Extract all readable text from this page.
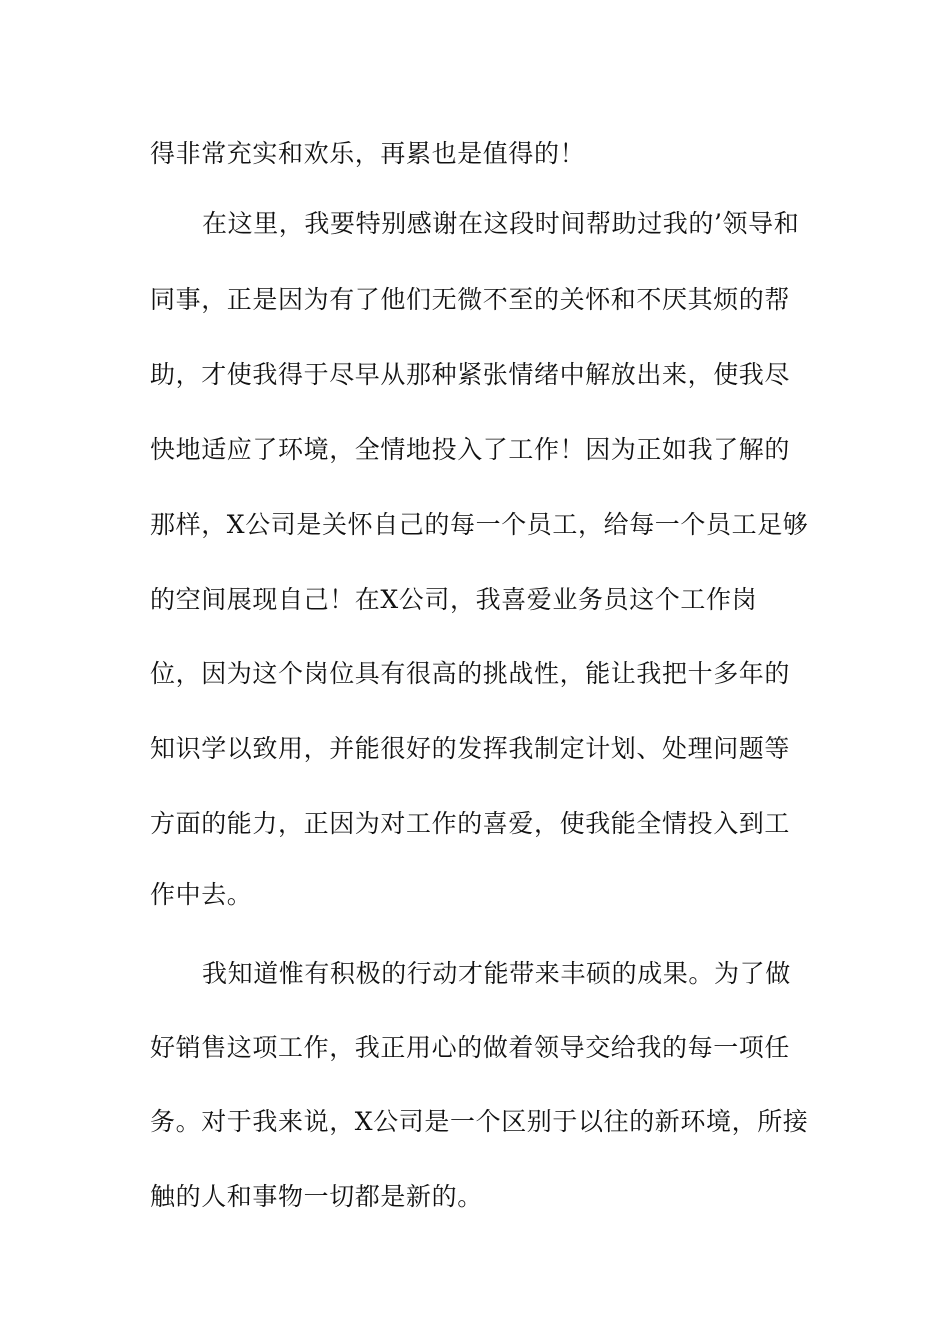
得非常充实和欢乐，再累也是值得的！
在这里，我要特别感谢在这段时间帮助过我的’领导和
同事，正是因为有了他们无微不至的关怀和不厌其烦的帮
助，才使我得于尽早从那种紧张情绪中解放出来，使我尽
快地适应了环境，全情地投入了工作！因为正如我了解的
那样，X公司是关怀自己的每一个员工，给每一个员工足够
的空间展现自己！在X公司，我喜爱业务员这个工作岗
位，因为这个岗位具有很高的挑战性，能让我把十多年的
知识学以致用，并能很好的发挥我制定计划、处理问题等
方面的能力，正因为对工作的喜爱，使我能全情投入到工
作中去。
我知道惟有积极的行动才能带来丰硕的成果。为了做
好销售这项工作，我正用心的做着领导交给我的每一项任
务。对于我来说，X公司是一个区别于以往的新环境，所接
触的人和事物一切都是新的。
